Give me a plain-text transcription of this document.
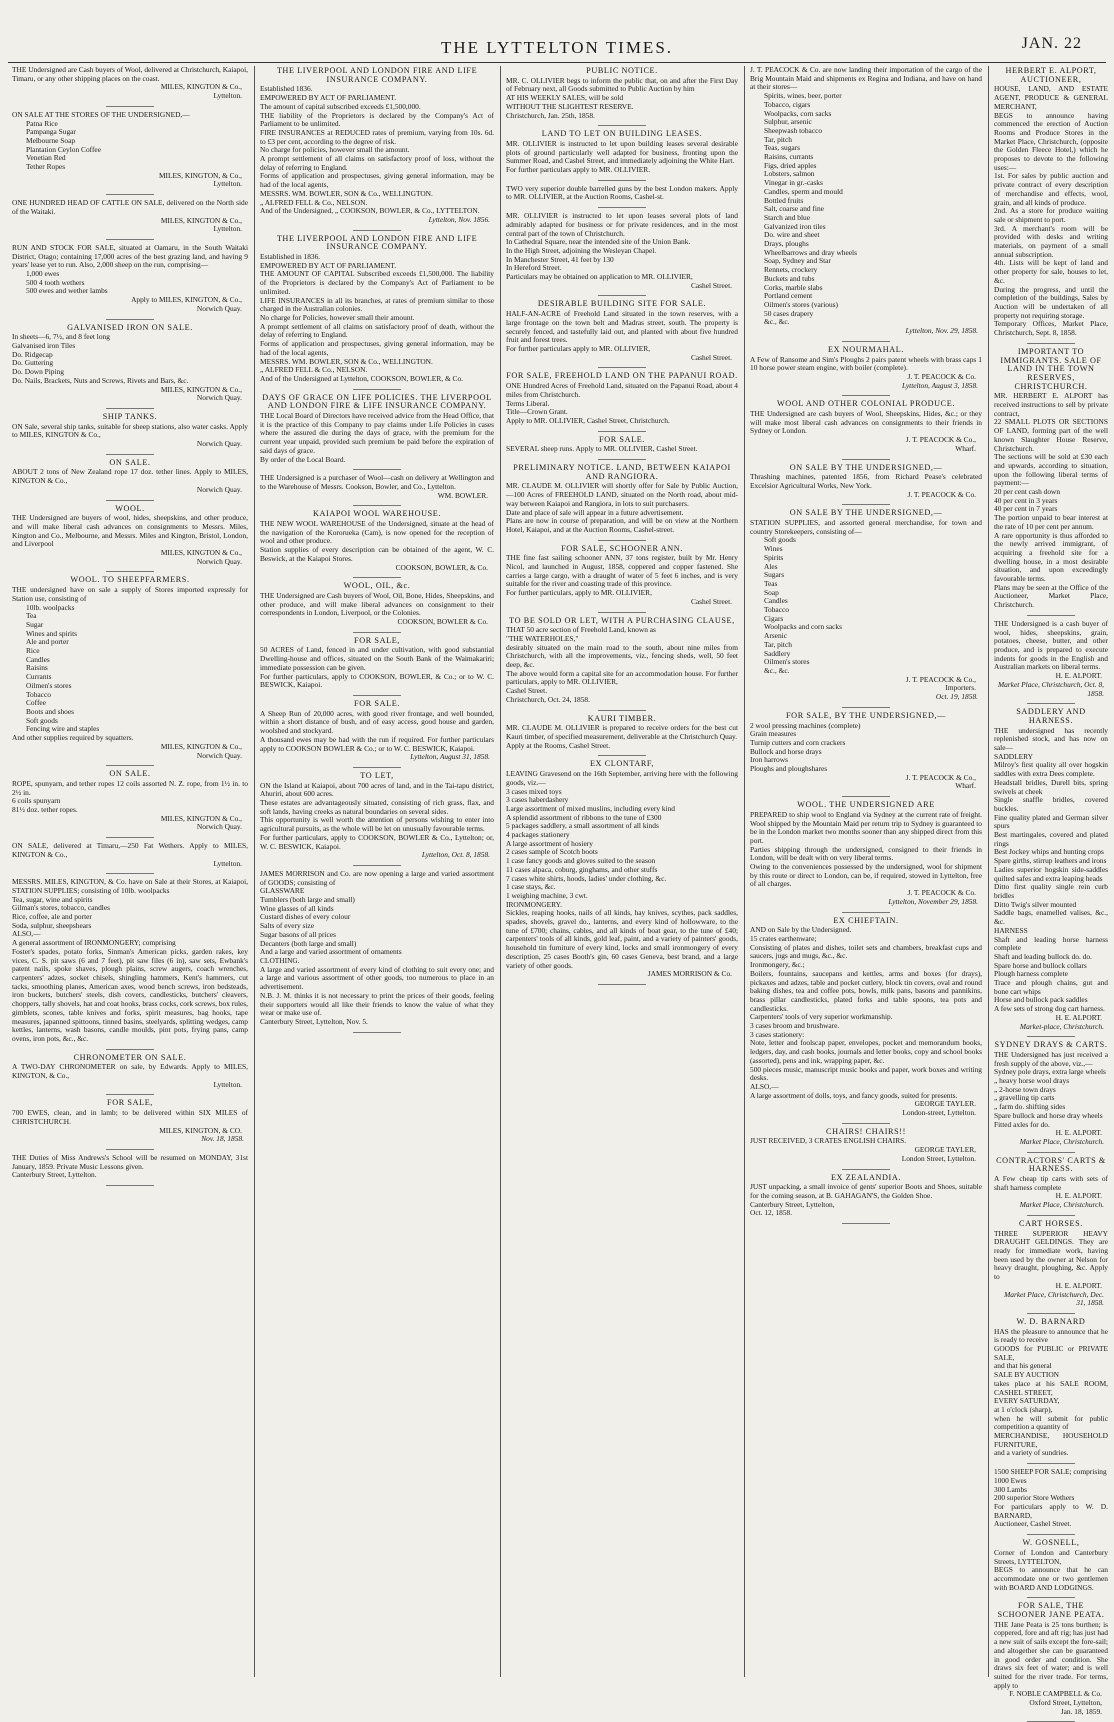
THE LYTTELTON TIMES.	JAN. 22

THE Undersigned are Cash buyers of Wool, delivered at Christchurch, Kaiapoi, Timaru, or any other shipping places on the coast.

MILES, KINGTON & Co.,

Lyttelton.

ON SALE AT THE STORES OF THE UNDERSIGNED,—

Patna Rice

Pampanga Sugar

Melbourne Soap

Plantation Ceylon Coffee

Venetian Red

Tether Ropes

MILES, KINGTON, & Co.,

Lyttelton.

ONE HUNDRED HEAD OF CATTLE ON SALE, delivered on the North side of the Waitaki.

MILES, KINGTON & Co.,

Lyttelton.

RUN AND STOCK FOR SALE, situated at Oamaru, in the South Waitaki District, Otago; containing 17,000 acres of the best grazing land, and having 9 years' lease yet to run. Also, 2,000 sheep on the run, comprising—

1,000 ewes

500 4 tooth wethers

500 ewes and wether lambs

Apply to MILES, KINGTON, & Co.,

Norwich Quay.

GALVANISED IRON ON SALE.

In sheets—6, 7½, and 8 feet long

Galvanised iron Tiles

Do. Ridgecap

Do. Guttering

Do. Down Piping

Do. Nails, Brackets, Nuts and Screws, Rivets and Bars, &c.

MILES, KINGTON & Co.,

Norwich Quay.

SHIP TANKS.

ON Sale, several ship tanks, suitable for sheep stations, also water casks. Apply to MILES, KINGTON & Co.,

Norwich Quay.

ON SALE.

ABOUT 2 tons of New Zealand rope 17 doz. tether lines. Apply to MILES, KINGTON & Co.,

Norwich Quay.

WOOL.

THE Undersigned are buyers of wool, hides, sheepskins, and other produce, and will make liberal cash advances on consignments to Messrs. Miles, Kington and Co., Melbourne, and Messrs. Miles and Kington, Bristol, London, and Liverpool

MILES, KINGTON & Co.,

Norwich Quay.

WOOL. TO SHEEPFARMERS.

THE undersigned have on sale a supply of Stores imported expressly for Station use, consisting of

10lb. woolpacks

Tea

Sugar

Wines and spirits

Ale and porter

Rice

Candles

Raisins

Currants

Oilmen's stores

Tobacco

Coffee

Boots and shoes

Soft goods

Fencing wire and staples

And other supplies required by squatters.

MILES, KINGTON & Co.,

Norwich Quay.

ON SALE.

ROPE, spunyarn, and tether ropes 12 coils assorted N. Z. rope, from 1½ in. to 2½ in.

6 coils spunyarn

81½ doz. tether ropes.

MILES, KINGTON & Co.,

Norwich Quay.

ON SALE, delivered at Timaru,—250 Fat Wethers. Apply to MILES, KINGTON & Co.,

Lyttelton.

MESSRS. MILES, KINGTON, & Co. have on Sale at their Stores, at Kaiapoi, STATION SUPPLIES; consisting of 10lb. woolpacks

Tea, sugar, wine and spirits

Gilman's stores, tobacco, candles

Rice, coffee, ale and porter

Soda, sulphur, sheepshears

ALSO,—

A general assortment of IRONMONGERY; comprising

Foster's spades, potato forks, Sinman's American picks, garden rakes, key vices, C. S. pit saws (6 and 7 feet), pit saw files (6 in), saw sets, Ewbank's patent nails, spoke shaves, plough plains, screw augers, coach wrenches, carpenters' adzes, socket chisels, shingling hammers, Kent's hammers, cut tacks, smoothing planes, American axes, wood bench screws, iron bedsteads, iron buckets, butchers' steels, dish covers, candlesticks, butchers' cleavers, choppers, tally shovels, hat and coat hooks, brass cocks, cork screws, box rules, gimblets, scones, table knives and forks, spirit measures, bag hooks, tape measures, japanned spittoons, tinned basins, steelyards, splitting wedges, camp kettles, lanterns, wash basons, candle moulds, pint pots, frying pans, camp ovens, iron pots, &c., &c.

CHRONOMETER ON SALE.

A TWO-DAY CHRONOMETER on sale, by Edwards. Apply to MILES, KINGTON, & Co.,

Lyttelton.

FOR SALE,

700 EWES, clean, and in lamb; to be delivered within SIX MILES of CHRISTCHURCH.

MILES, KINGTON, & CO.

Nov. 18, 1858.

THE Duties of Miss Andrews's School will be resumed on MONDAY, 31st January, 1859. Private Music Lessons given.

Canterbury Street, Lyttelton.

THE LIVERPOOL AND LONDON FIRE AND LIFE INSURANCE COMPANY.

Established 1836.

EMPOWERED BY ACT OF PARLIAMENT.

The amount of capital subscribed exceeds £1,500,000.

THE liability of the Proprietors is declared by the Company's Act of Parliament to be unlimited.

FIRE INSURANCES at REDUCED rates of premium, varying from 10s. 6d. to £3 per cent, according to the degree of risk.

No charge for policies, however small the amount.

A prompt settlement of all claims on satisfactory proof of loss, without the delay of referring to England.

Forms of application and prospectuses, giving general information, may be had of the local agents,

MESSRS. WM. BOWLER, SON & Co., WELLINGTON.

„ ALFRED FELL & Co., NELSON.

And of the Undersigned, „ COOKSON, BOWLER, & Co., LYTTELTON.

Lyttelton, Nov. 1856.

THE LIVERPOOL AND LONDON FIRE AND LIFE INSURANCE COMPANY.

Established in 1836.

EMPOWERED BY ACT OF PARLIAMENT.

THE AMOUNT OF CAPITAL Subscribed exceeds £1,500,000. The liability of the Proprietors is declared by the Company's Act of Parliament to be unlimited.

LIFE INSURANCES in all its branches, at rates of premium similar to those charged in the Australian colonies.

No charge for Policies, however small their amount.

A prompt settlement of all claims on satisfactory proof of death, without the delay of referring to England.

Forms of application and prospectuses, giving general information, may be had of the local agents,

MESSRS. WM. BOWLER, SON & Co., WELLINGTON.

„ ALFRED FELL & Co., NELSON.

And of the Undersigned at Lyttelton, COOKSON, BOWLER, & Co.

DAYS OF GRACE ON LIFE POLICIES. THE LIVERPOOL AND LONDON FIRE & LIFE INSURANCE COMPANY.

THE Local Board of Directors have received advice from the Head Office, that it is the practice of this Company to pay claims under Life Policies in cases where the assured die during the days of grace, with the premium for the current year unpaid, provided such premium be paid before the expiration of said days of grace.

By order of the Local Board.

THE Undersigned is a purchaser of Wool—cash on delivery at Wellington and to the Warehouse of Messrs. Cookson, Bowler, and Co., Lyttelton.

WM. BOWLER.

KAIAPOI WOOL WAREHOUSE.

THE NEW WOOL WAREHOUSE of the Undersigned, situate at the head of the navigation of the Kororueka (Cam), is now opened for the reception of wool and other produce.

Station supplies of every description can be obtained of the agent, W. C. Beswick, at the Kaiapoi Stores.

COOKSON, BOWLER, & Co.

WOOL, OIL, &c.

THE Undersigned are Cash buyers of Wool, Oil, Bone, Hides, Sheepskins, and other produce, and will make liberal advances on consignment to their correspondents in London, Liverpool, or the Colonies.

COOKSON, BOWLER & Co.

FOR SALE,

50 ACRES of Land, fenced in and under cultivation, with good substantial Dwelling-house and offices, situated on the South Bank of the Waimakariri; immediate possession can be given.

For further particulars, apply to COOKSON, BOWLER, & Co.; or to W. C. BESWICK, Kaiapoi.

FOR SALE.

A Sheep Run of 20,000 acres, with good river frontage, and well bounded, within a short distance of bush, and of easy access, good house and garden, woolshed and stockyard.

A thousand ewes may be had with the run if required. For further particulars apply to COOKSON BOWLER & Co.; or to W. C. BESWICK, Kaiapoi.

Lyttelton, August 31, 1858.

TO LET,

ON the Island at Kaiapoi, about 700 acres of land, and in the Tai-tapu district, Ahuriri, about 600 acres.

These estates are advantageously situated, consisting of rich grass, flax, and soft lands, having creeks as natural boundaries on several sides.

This opportunity is well worth the attention of persons wishing to enter into agricultural pursuits, as the whole will be let on unusually favourable terms.

For further particulars, apply to COOKSON, BOWLER & Co., Lyttelton; or, W. C. BESWICK, Kaiapoi.

Lyttelton, Oct. 8, 1858.

JAMES MORRISON and Co. are now opening a large and varied assortment of GOODS; consisting of

GLASSWARE

Tumblers (both large and small)

Wine glasses of all kinds

Custard dishes of every colour

Salts of every size

Sugar basons of all prices

Decanters (both large and small)

And a large and varied assortment of ornaments

CLOTHING.

A large and varied assortment of every kind of clothing to suit every one; and a large and various assortment of other goods, too numerous to place in an advertisement.

N.B. J. M. thinks it is not necessary to print the prices of their goods, feeling their supporters would all like their friends to know the value of what they wear or make use of.

Canterbury Street, Lyttelton, Nov. 5.

PUBLIC NOTICE.

MR. C. OLLIVIER begs to inform the public that, on and after the First Day of February next, all Goods submitted to Public Auction by him

AT HIS WEEKLY SALES, will be sold

WITHOUT THE SLIGHTEST RESERVE.

Christchurch, Jan. 25th, 1858.

LAND TO LET ON BUILDING LEASES.

MR. OLLIVIER is instructed to let upon building leases several desirable plots of ground particularly well adapted for business, fronting upon the Summer Road, and Cashel Street, and immediately adjoining the White Hart.

For further particulars apply to MR. OLLIVIER.

TWO very superior double barrelled guns by the best London makers. Apply to MR. OLLIVIER, at the Auction Rooms, Cashel-st.

MR. OLLIVIER is instructed to let upon leases several plots of land admirably adapted for business or for private residences, and in the most central part of the town of Christchurch.

In Cathedral Square, near the intended site of the Union Bank.

In the High Street, adjoining the Wesleyan Chapel.

In Manchester Street, 41 feet by 130

In Hereford Street.

Particulars may be obtained on application to MR. OLLIVIER,

Cashel Street.

DESIRABLE BUILDING SITE FOR SALE.

HALF-AN-ACRE of Freehold Land situated in the town reserves, with a large frontage on the town belt and Madras street, south. The property is securely fenced, and tastefully laid out, and planted with about five hundred fruit and forest trees.

For further particulars apply to MR. OLLIVIER,

Cashel Street.

FOR SALE, FREEHOLD LAND ON THE PAPANUI ROAD.

ONE Hundred Acres of Freehold Land, situated on the Papanui Road, about 4 miles from Christchurch.

Terms Liberal.

Title—Crown Grant.

Apply to MR. OLLIVIER, Cashel Street, Christchurch.

FOR SALE.

SEVERAL sheep runs. Apply to MR. OLLIVIER, Cashel Street.

PRELIMINARY NOTICE. LAND, BETWEEN KAIAPOI AND RANGIORA.

MR. CLAUDE M. OLLIVIER will shortly offer for Sale by Public Auction,—100 Acres of FREEHOLD LAND, situated on the North road, about mid-way between Kaiapoi and Rangiora, in lots to suit purchasers.

Date and place of sale will appear in a future advertisement.

Plans are now in course of preparation, and will be on view at the Northern Hotel, Kaiapoi, and at the Auction Rooms, Cashel-street.

FOR SALE, SCHOONER ANN.

THE fine fast sailing schooner ANN, 37 tons register, built by Mr. Henry Nicol, and launched in August, 1858, coppered and copper fastened. She carries a large cargo, with a draught of water of 5 feet 6 inches, and is very suitable for the river and coasting trade of this province.

For further particulars, apply to MR. OLLIVIER,

Cashel Street.

TO BE SOLD OR LET, WITH A PURCHASING CLAUSE,

THAT 50 acre section of Freehold Land, known as

"THE WATERHOLES,"

desirably situated on the main road to the south, about nine miles from Christchurch, with all the improvements, viz., fencing sheds, well, 50 feet deep, &c.

The above would form a capital site for an accommodation house. For further particulars, apply to MR. OLLIVIER,

Cashel Street.

Christchurch, Oct. 24, 1858.

KAURI TIMBER.

MR. CLAUDE M. OLLIVIER is prepared to receive orders for the best cut Kauri timber, of specified measurement, deliverable at the Christchurch Quay.

Apply at the Rooms, Cashel Street.

EX CLONTARF,

LEAVING Gravesend on the 16th September, arriving here with the following goods, viz.—

3 cases mixed toys

3 cases haberdashery

Large assortment of mixed muslins, including every kind

A splendid assortment of ribbons to the tune of £300

5 packages saddlery, a small assortment of all kinds

4 packages stationery

A large assortment of hosiery

2 cases sample of Scotch boots

1 case fancy goods and gloves suited to the season

11 cases alpaca, coburg, ginghams, and other stuffs

7 cases white shirts, hoods, ladies' under clothing, &c.

1 case stays, &c.

1 weighing machine, 3 cwt.

IRONMONGERY.

Sickles, reaping hooks, nails of all kinds, hay knives, scythes, pack saddles, spades, shovels, gravel do., lanterns, and every kind of hollowware, to the tune of £700; chains, cables, and all kinds of boat gear, to the tune of £40; carpenters' tools of all kinds, gold leaf, paint, and a variety of painters' goods, household tin furniture of every kind, locks and small ironmongery of every description, 25 cases Booth's gin, 60 cases Geneva, best brand, and a large variety of other goods.

JAMES MORRISON & Co.

J. T. PEACOCK & Co. are now landing their importation of the cargo of the Brig Mountain Maid and shipments ex Regina and Indiana, and have on hand at their stores—

Spirits, wines, beer, porter

Tobacco, cigars

Woolpacks, corn sacks

Sulphur, arsenic

Sheepwash tobacco

Tar, pitch

Teas, sugars

Raisins, currants

Figs, dried apples

Lobsters, salmon

Vinegar in gr.-casks

Candles, sperm and mould

Bottled fruits

Salt, coarse and fine

Starch and blue

Galvanized iron tiles

Do. wire and sheet

Drays, ploughs

Wheelbarrows and dray wheels

Soap, Sydney and Star

Rennets, crockery

Buckets and tubs

Corks, marble slabs

Portland cement

Oilmen's stores (various)

50 cases drapery

&c., &c.

Lyttelton, Nov. 29, 1858.

EX NOURMAHAL.

A Few of Ransome and Sim's Ploughs 2 pairs patent wheels with brass caps 1 10 horse power steam engine, with boiler (complete).

J. T. PEACOCK & Co.

Lyttelton, August 3, 1858.

WOOL AND OTHER COLONIAL PRODUCE.

THE Undersigned are cash buyers of Wool, Sheepskins, Hides, &c.; or they will make most liberal cash advances on consignments to their friends in Sydney or London.

J. T. PEACOCK & Co.,

Wharf.

ON SALE BY THE UNDERSIGNED,—

Thrashing machines, patented 1856, from Richard Pease's celebrated Excelsior Agricultural Works, New York.

J. T. PEACOCK & Co.

ON SALE BY THE UNDERSIGNED,—

STATION SUPPLIES, and assorted general merchandise, for town and country Storekeepers, consisting of—

Soft goods

Wines

Spirits

Ales

Sugars

Teas

Soap

Candles

Tobacco

Cigars

Woolpacks and corn sacks

Arsenic

Tar, pitch

Saddlery

Oilmen's stores

&c., &c.

J. T. PEACOCK & Co.,

Importers.

Oct. 19, 1858.

FOR SALE, BY THE UNDERSIGNED,—

2 wool pressing machines (complete)

Grain measures

Turnip cutters and corn crackers

Bullock and horse drays

Iron harrows

Ploughs and ploughshares

J. T. PEACOCK & Co.,

Wharf.

WOOL. THE UNDERSIGNED ARE

PREPARED to ship wool to England via Sydney at the current rate of freight. Wool shipped by the Mountain Maid per return trip to Sydney is guaranteed to be in the London market two months sooner than any shipped direct from this port.

Parties shipping through the undersigned, consigned to their friends in London, will be dealt with on very liberal terms.

Owing to the conveniences possessed by the undersigned, wool for shipment by this route or direct to London, can be, if required, stowed in Lyttelton, free of all charges.

J. T. PEACOCK & Co.

Lyttelton, November 29, 1858.

EX CHIEFTAIN.

AND on Sale by the Undersigned.

15 crates earthenware;

Consisting of plates and dishes, toilet sets and chambers, breakfast cups and saucers, jugs and mugs, &c., &c.

Ironmongery, &c.;

Boilers, fountains, saucepans and kettles, arms and boxes (for drays), pickaxes and adzes, table and pocket cutlery, block tin covers, oval and round baking dishes, tea and coffee pots, bowls, milk pans, basons and pannikins, brass pillar candlesticks, plated forks and table spoons, tea pots and candlesticks.

Carpenters' tools of very superior workmanship.

3 cases broom and brushware.

3 cases stationery:

Note, letter and foolscap paper, envelopes, pocket and memorandum books, ledgers, day, and cash books, journals and letter books, copy and school books (assorted), pens and ink, wrapping paper, &c.

500 pieces music, manuscript music books and paper, work boxes and writing desks.

ALSO,—

A large assortment of dolls, toys, and fancy goods, suited for presents.

GEORGE TAYLER.

London-street, Lyttelton.

CHAIRS! CHAIRS!!

JUST RECEIVED, 3 CRATES ENGLISH CHAIRS.

GEORGE TAYLER,

London Street, Lyttelton.

EX ZEALANDIA.

JUST unpacking, a small invoice of gents' superior Boots and Shoes, suitable for the coming season, at B. GAHAGAN'S, the Golden Shoe.

Canterbury Street, Lyttelton,

Oct. 12, 1858.

HERBERT E. ALPORT, AUCTIONEER,

HOUSE, LAND, AND ESTATE AGENT, PRODUCE & GENERAL MERCHANT,

BEGS to announce having commenced the erection of Auction Rooms and Produce Stores in the Market Place, Christchurch, (opposite the Golden Fleece Hotel,) which he proposes to devote to the following uses:—

1st. For sales by public auction and private contract of every description of merchandise and effects, wool, grain, and all kinds of produce.

2nd. As a store for produce waiting sale or shipment to port.

3rd. A merchant's room will be provided with desks and writing materials, on payment of a small annual subscription.

4th. Lists will be kept of land and other property for sale, houses to let, &c.

During the progress, and until the completion of the buildings, Sales by Auction will be undertaken of all property not requiring storage.

Temporary Offices, Market Place, Christchurch, Sept. 8, 1858.

IMPORTANT TO IMMIGRANTS. SALE OF LAND IN THE TOWN RESERVES, CHRISTCHURCH.

MR. HERBERT E. ALPORT has received instructions to sell by private contract,

22 SMALL PLOTS OR SECTIONS OF LAND, forming part of the well known Slaughter House Reserve, Christchurch.

The sections will be sold at £30 each and upwards, according to situation, upon the following liberal terms of payment:—

20 per cent cash down

40 per cent in 3 years

40 per cent in 7 years

The portion unpaid to bear interest at the rate of 10 per cent per annum.

A rare opportunity is thus afforded to the newly arrived immigrant, of acquiring a freehold site for a dwelling house, in a most desirable situation, and upon exceedingly favourable terms.

Plans may be seen at the Office of the Auctioneer, Market Place, Christchurch.

THE Undersigned is a cash buyer of wool, hides, sheepskins, grain, potatoes, cheese, butter, and other produce, and is prepared to execute indents for goods in the English and Australian markets on liberal terms.

H. E. ALPORT.

Market Place, Christchurch, Oct. 8, 1858.

SADDLERY AND HARNESS.

THE undersigned has recently replenished stock, and has now on sale—

SADDLERY

Milroy's first quality all over hogskin saddles with extra Dees complete.

Headstall bridles, Durell bits, spring swivels at cheek

Single snaffle bridles, covered buckles.

Fine quality plated and German silver spurs

Best martingales, covered and plated rings

Best Jockey whips and hunting crops

Spare girths, stirrup leathers and irons

Ladies superior hogskin side-saddles quilted safes and extra leaping heads

Ditto first quality single rein curb bridles

Ditto Twig's silver mounted

Saddle bags, enamelled valises, &c., &c.

HARNESS

Shaft and leading horse harness complete

Shaft and leading bullock do. do.

Spare horse and bullock collars

Plough harness complete

Trace and plough chains, gut and bone cart whips

Horse and bullock pack saddles

A few sets of strong dog cart harness.

H. E. ALPORT.

Market-place, Christchurch.

SYDNEY DRAYS & CARTS.

THE Undersigned has just received a fresh supply of the above, viz.,—

Sydney pole drays, extra large wheels

„ heavy horse wool drays

„ 2-horse town drays

„ gravelling tip carts

„ farm do. shifting sides

Spare bullock and horse dray wheels

Fitted axles for do.

H. E. ALPORT.

Market Place, Christchurch.

CONTRACTORS' CARTS & HARNESS.

A Few cheap tip carts with sets of shaft harness complete

H. E. ALPORT.

Market Place, Christchurch.

CART HORSES.

THREE SUPERIOR HEAVY DRAUGHT GELDINGS. They are ready for immediate work, having been used by the owner at Nelson for heavy draught, ploughing, &c. Apply to

H. E. ALPORT.

Market Place, Christchurch, Dec. 31, 1858.

W. D. BARNARD

HAS the pleasure to announce that he is ready to receive

GOODS for PUBLIC or PRIVATE SALE,

and that his general

SALE BY AUCTION

takes place at his SALE ROOM, CASHEL STREET,

EVERY SATURDAY,

at 1 o'clock (sharp),

when he will submit for public competition a quantity of

MERCHANDISE, HOUSEHOLD FURNITURE,

and a variety of sundries.

1500 SHEEP FOR SALE; comprising

1000 Ewes

300 Lambs

200 superior Store Wethers

For particulars apply to W. D. BARNARD,

Auctioneer, Cashel Street.

W. GOSNELL,

Corner of London and Canterbury Streets, LYTTELTON,

BEGS to announce that he can accommodate one or two gentlemen with BOARD AND LODGINGS.

FOR SALE, THE SCHOONER JANE PEATA.

THE Jane Peata is 25 tons burthen; is coppered, fore and aft rig; has just had a new suit of sails except the fore-sail; and altogether she can be guaranteed in good order and condition. She draws six feet of water; and is well suited for the river trade. For terms, apply to

F. NOBLE CAMPBELL & Co.

Oxford Street, Lyttelton,

Jan. 18, 1859.
